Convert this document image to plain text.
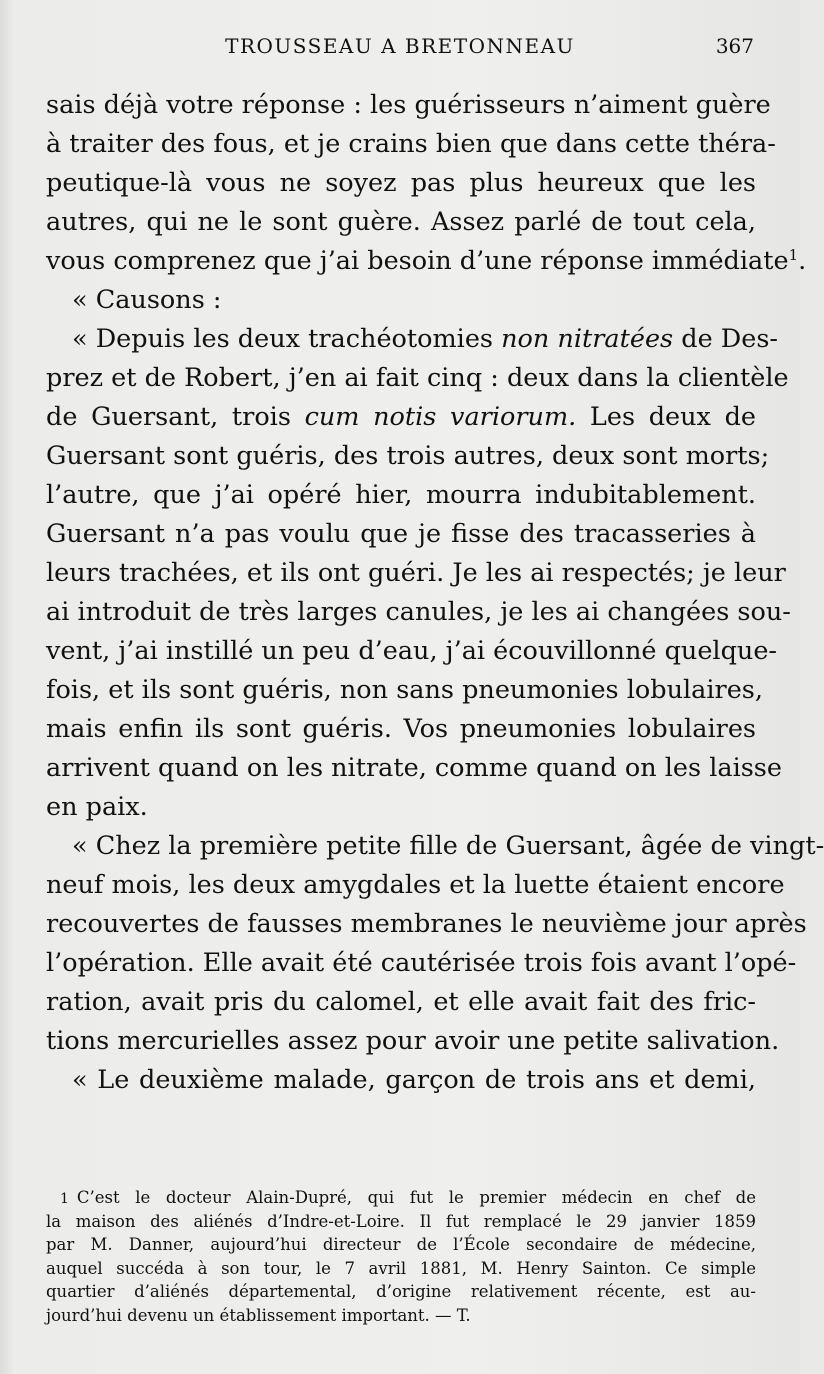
TROUSSEAU A BRETONNEAU	367
sais déjà votre réponse : les guérisseurs n’aiment guère
à traiter des fous, et je crains bien que dans cette théra-
peutique-là vous ne soyez pas plus heureux que les
autres, qui ne le sont guère. Assez parlé de tout cela,
vous comprenez que j’ai besoin d’une réponse immédiate$^1$.
« Causons :
« Depuis les deux trachéotomies non nitratées de Des-
prez et de Robert, j’en ai fait cinq : deux dans la clientèle
de Guersant, trois cum notis variorum. Les deux de
Guersant sont guéris, des trois autres, deux sont morts;
l’autre, que j’ai opéré hier, mourra indubitablement.
Guersant n’a pas voulu que je fisse des tracasseries à
leurs trachées, et ils ont guéri. Je les ai respectés; je leur
ai introduit de très larges canules, je les ai changées sou-
vent, j’ai instillé un peu d’eau, j’ai écouvillonné quelque-
fois, et ils sont guéris, non sans pneumonies lobulaires,
mais enfin ils sont guéris. Vos pneumonies lobulaires
arrivent quand on les nitrate, comme quand on les laisse
en paix.
« Chez la première petite fille de Guersant, âgée de vingt-
neuf mois, les deux amygdales et la luette étaient encore
recouvertes de fausses membranes le neuvième jour après
l’opération. Elle avait été cautérisée trois fois avant l’opé-
ration, avait pris du calomel, et elle avait fait des fric-
tions mercurielles assez pour avoir une petite salivation.
« Le deuxième malade, garçon de trois ans et demi,
1 C’est le docteur Alain-Dupré, qui fut le premier médecin en chef de
la maison des aliénés d’Indre-et-Loire. Il fut remplacé le 29 janvier 1859
par M. Danner, aujourd’hui directeur de l’École secondaire de médecine,
auquel succéda à son tour, le 7 avril 1881, M. Henry Sainton. Ce simple
quartier d’aliénés départemental, d’origine relativement récente, est au-
jourd’hui devenu un établissement important. — T.
